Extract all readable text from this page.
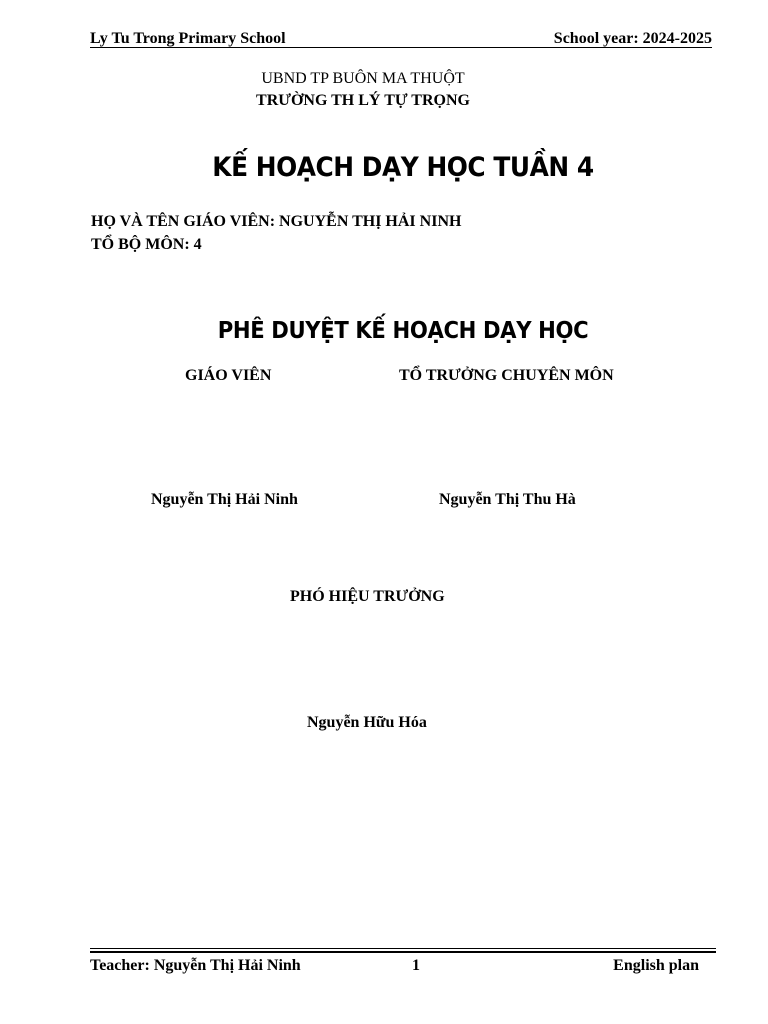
Ly Tu Trong Primary School	School year: 2024-2025
UBND TP BUÔN MA THUỘT
TRƯỜNG TH LÝ TỰ TRỌNG
KẾ HOẠCH DẠY HỌC TUẦN 4
HỌ VÀ TÊN GIÁO VIÊN: NGUYỄN THỊ HẢI NINH
TỔ BỘ MÔN: 4
PHÊ DUYỆT KẾ HOẠCH DẠY HỌC
GIÁO VIÊN	TỔ TRƯỞNG CHUYÊN MÔN
Nguyễn Thị Hải Ninh	Nguyễn Thị Thu Hà
PHÓ HIỆU TRƯỞNG
Nguyễn Hữu Hóa
Teacher: Nguyễn Thị Hải Ninh	1	English plan
